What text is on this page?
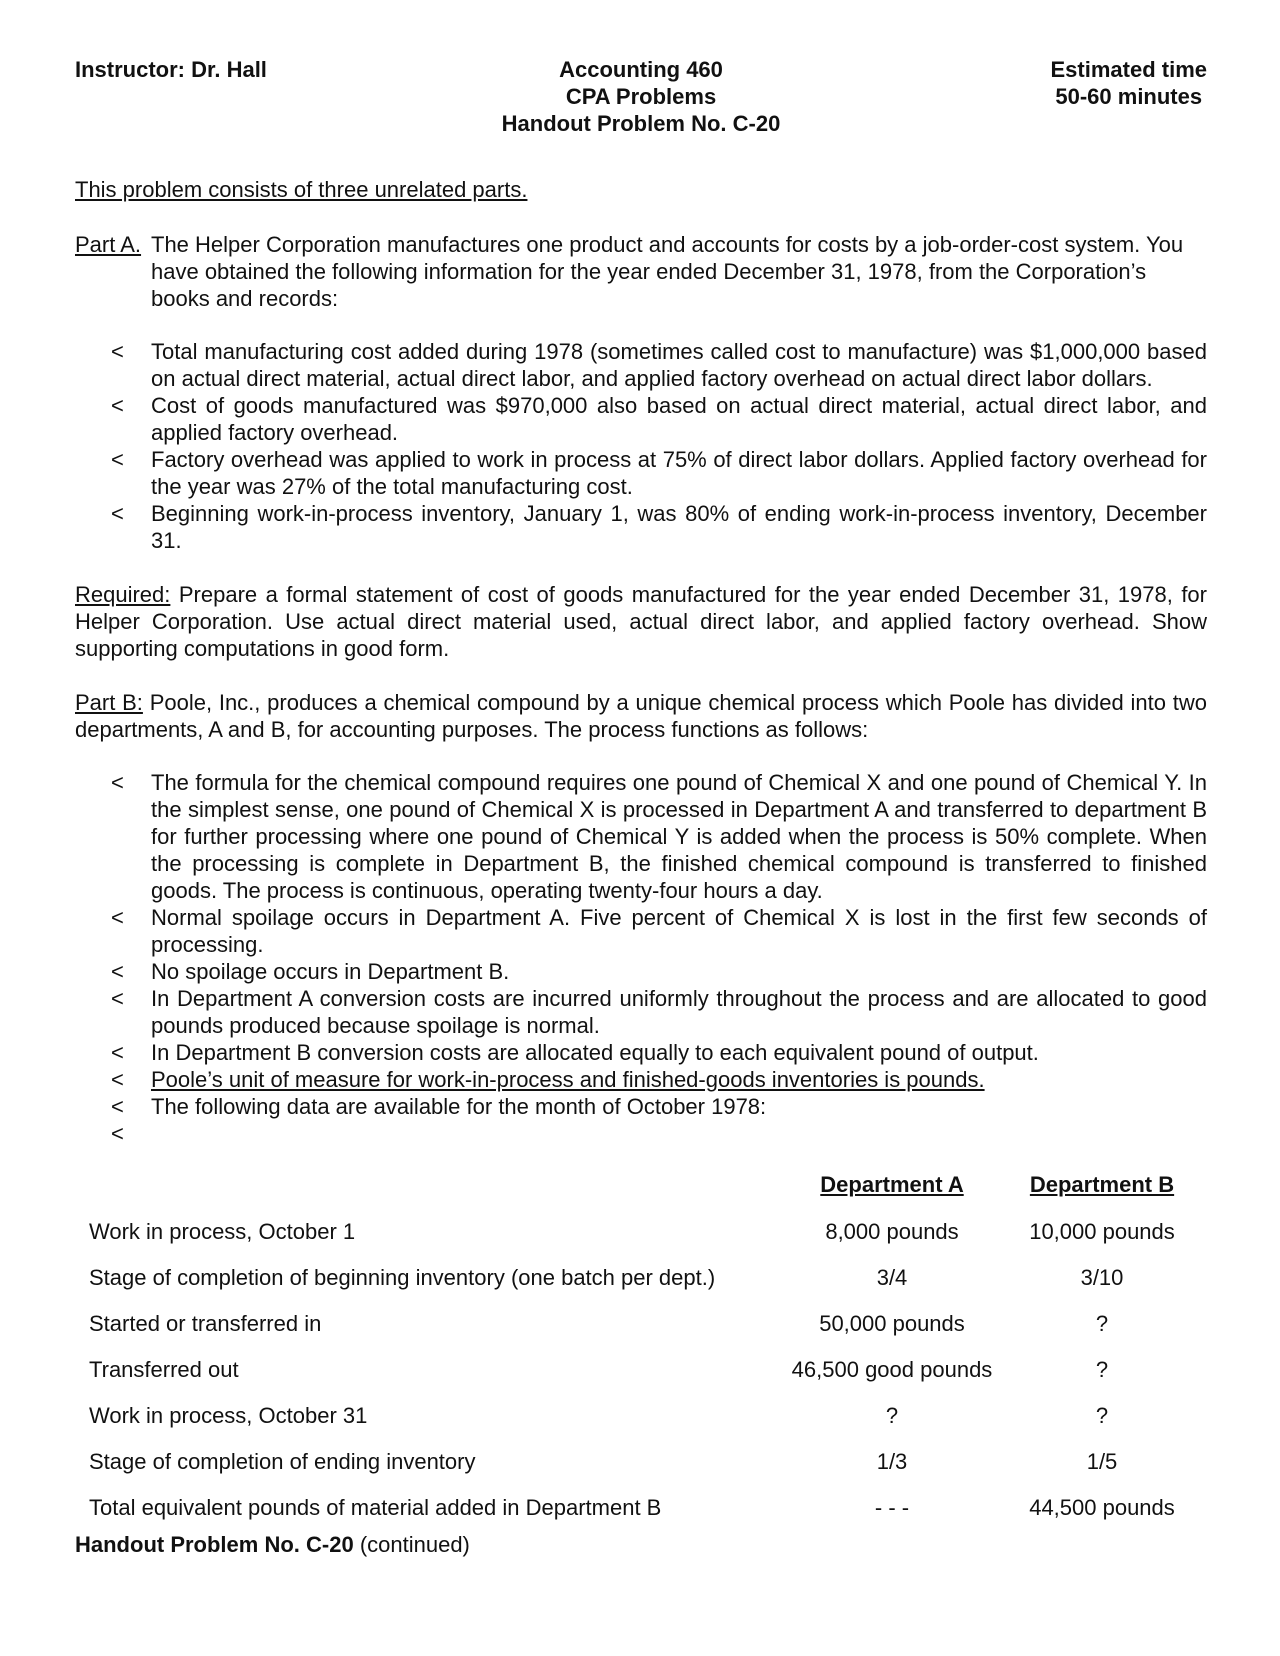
Instructor: Dr. Hall	Accounting 460
CPA Problems
Handout Problem No. C-20
Estimated time
50-60 minutes
This problem consists of three unrelated parts.
Part A. The Helper Corporation manufactures one product and accounts for costs by a job-order-cost system. You have obtained the following information for the year ended December 31, 1978, from the Corporation’s books and records:
<	Total manufacturing cost added during 1978 (sometimes called cost to manufacture) was $1,000,000 based on actual direct material, actual direct labor, and applied factory overhead on actual direct labor dollars.
<	Cost of goods manufactured was $970,000 also based on actual direct material, actual direct labor, and applied factory overhead.
<	Factory overhead was applied to work in process at 75% of direct labor dollars. Applied factory overhead for the year was 27% of the total manufacturing cost.
<	Beginning work-in-process inventory, January 1, was 80% of ending work-in-process inventory, December 31.

Required: Prepare a formal statement of cost of goods manufactured for the year ended December 31, 1978, for Helper Corporation. Use actual direct material used, actual direct labor, and applied factory overhead. Show supporting computations in good form.

Part B: Poole, Inc., produces a chemical compound by a unique chemical process which Poole has divided into two departments, A and B, for accounting purposes. The process functions as follows:

<	The formula for the chemical compound requires one pound of Chemical X and one pound of Chemical Y. In the simplest sense, one pound of Chemical X is processed in Department A and transferred to department B for further processing where one pound of Chemical Y is added when the process is 50% complete. When the processing is complete in Department B, the finished chemical compound is transferred to finished goods. The process is continuous, operating twenty-four hours a day.
<	Normal spoilage occurs in Department A. Five percent of Chemical X is lost in the first few seconds of processing.
<	No spoilage occurs in Department B.
<	In Department A conversion costs are incurred uniformly throughout the process and are allocated to good pounds produced because spoilage is normal.
<	In Department B conversion costs are allocated equally to each equivalent pound of output.
<	Poole’s unit of measure for work-in-process and finished-goods inventories is pounds.
<	The following data are available for the month of October 1978:
<
	Department A	Department B
Work in process, October 1	8,000 pounds	10,000 pounds
Stage of completion of beginning inventory (one batch per dept.)	3/4	3/10
Started or transferred in	50,000 pounds	?
Transferred out	46,500 good pounds	?
Work in process, October 31	?	?
Stage of completion of ending inventory	1/3	1/5
Total equivalent pounds of material added in Department B	- - -	44,500 pounds
Handout Problem No. C-20 (continued)
